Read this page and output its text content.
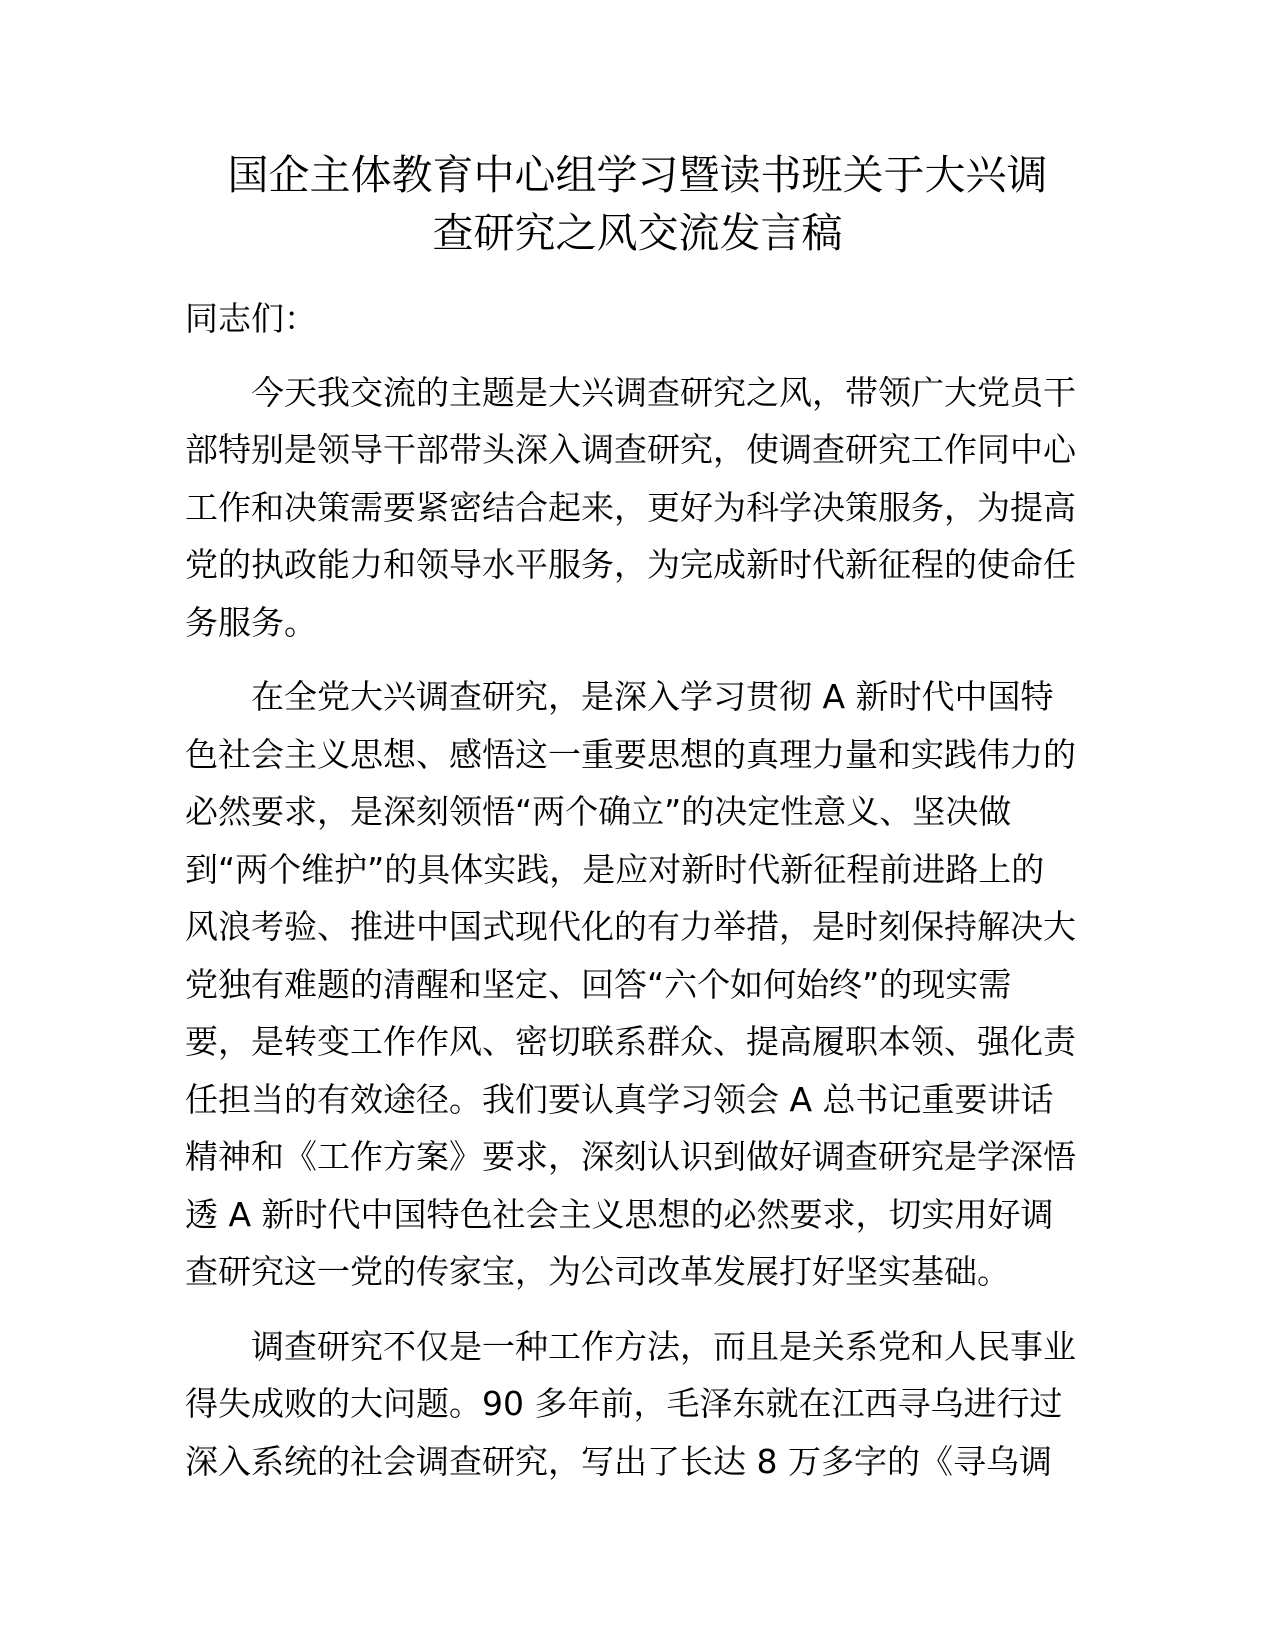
国企主体教育中心组学习暨读书班关于大兴调
查研究之风交流发言稿

同志们：

今天我交流的主题是大兴调查研究之风，带领广大党员干
部特别是领导干部带头深入调查研究，使调查研究工作同中心
工作和决策需要紧密结合起来，更好为科学决策服务，为提高
党的执政能力和领导水平服务，为完成新时代新征程的使命任
务服务。

在全党大兴调查研究，是深入学习贯彻 A 新时代中国特
色社会主义思想、感悟这一重要思想的真理力量和实践伟力的
必然要求，是深刻领悟“两个确立”的决定性意义、坚决做
到“两个维护”的具体实践，是应对新时代新征程前进路上的
风浪考验、推进中国式现代化的有力举措，是时刻保持解决大
党独有难题的清醒和坚定、回答“六个如何始终”的现实需
要，是转变工作作风、密切联系群众、提高履职本领、强化责
任担当的有效途径。我们要认真学习领会 A 总书记重要讲话
精神和《工作方案》要求，深刻认识到做好调查研究是学深悟
透 A 新时代中国特色社会主义思想的必然要求，切实用好调
查研究这一党的传家宝，为公司改革发展打好坚实基础。

调查研究不仅是一种工作方法，而且是关系党和人民事业
得失成败的大问题。90 多年前，毛泽东就在江西寻乌进行过
深入系统的社会调查研究，写出了长达 8 万多字的《寻乌调
